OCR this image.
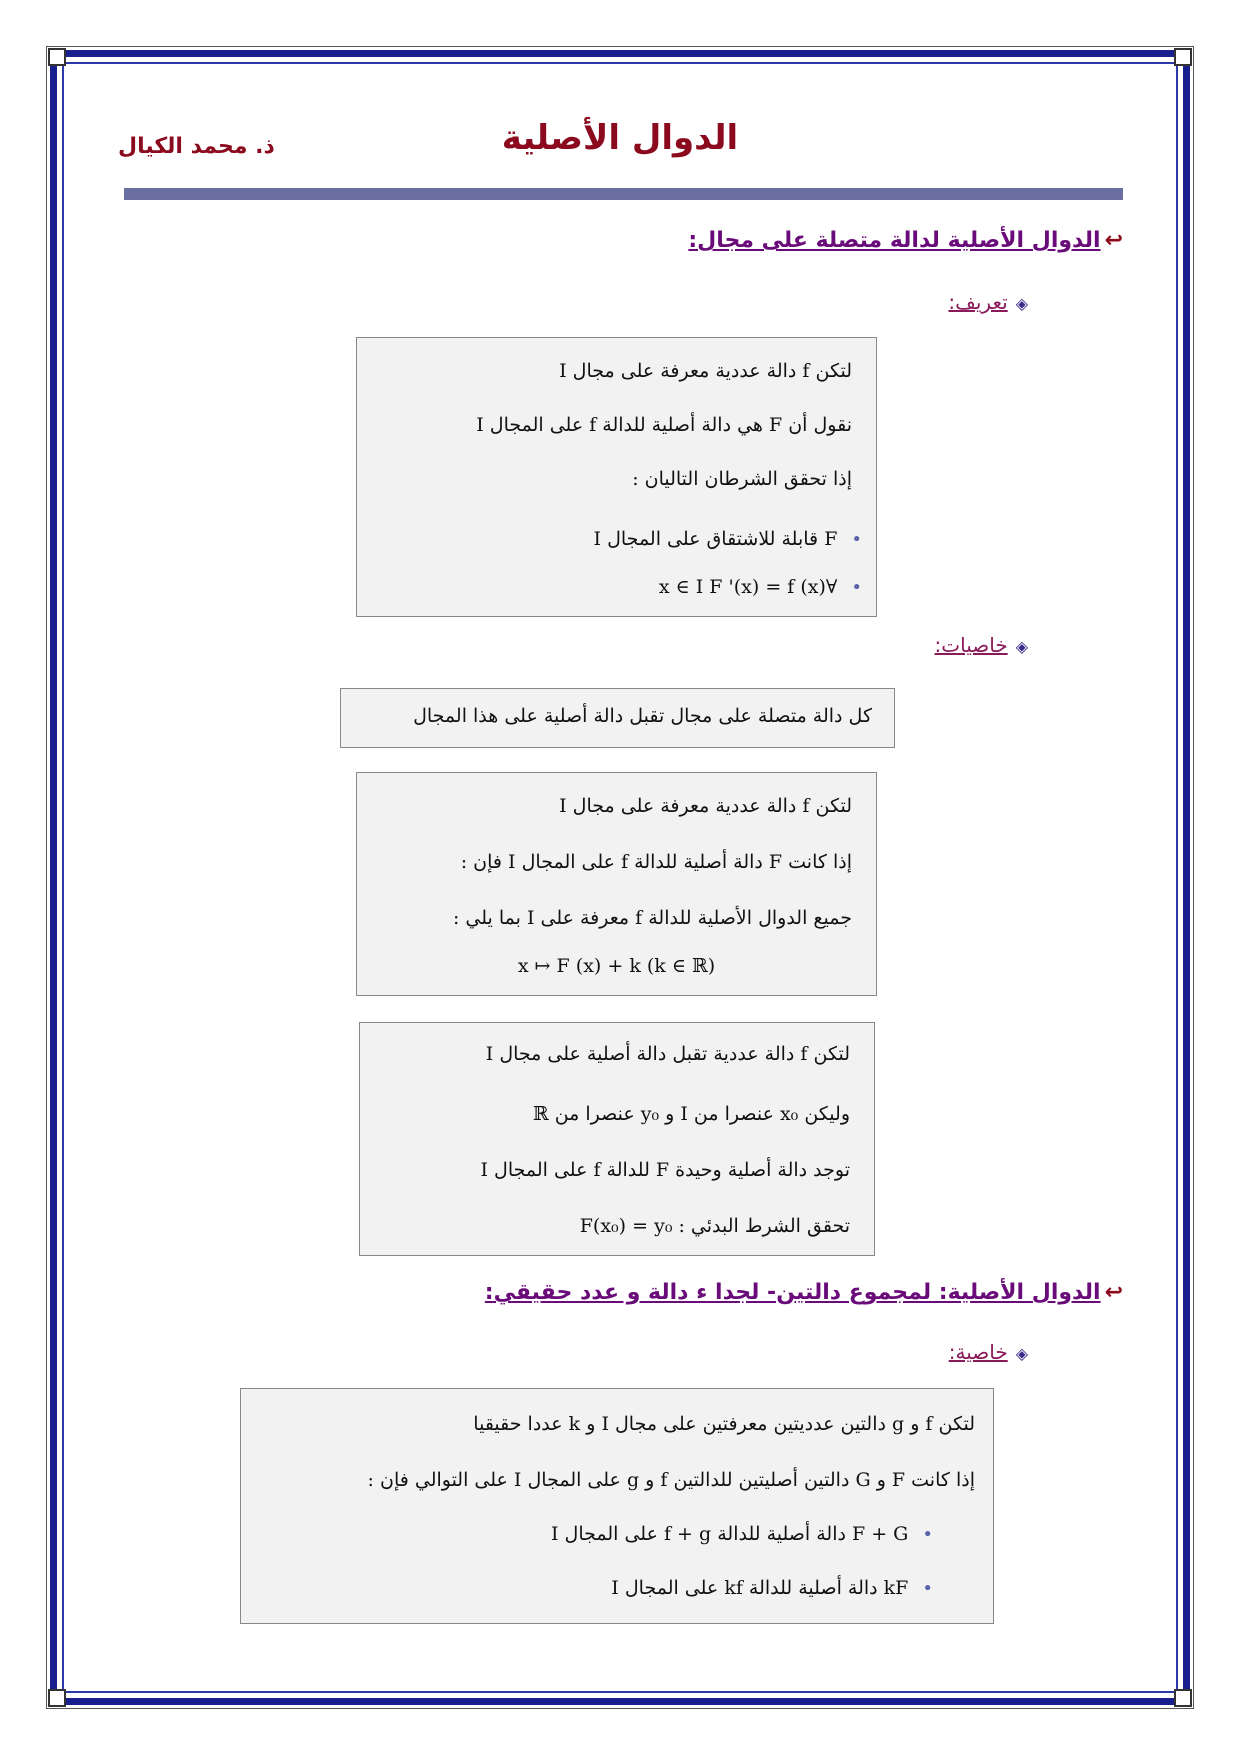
الدوال الأصلية
ذ. محمد الكيال
↩الدوال الأصلية لدالة متصلة على مجال:
◈تعريف:
لتكن f دالة عددية معرفة على مجال I
نقول أن F هي دالة أصلية للدالة f على المجال I
إذا تحقق الشرطان التاليان :
•F قابلة للاشتقاق على المجال I
•∀x ∈ I F '(x) = f (x)
◈خاصيات:
كل دالة متصلة على مجال تقبل دالة أصلية على هذا المجال
لتكن f دالة عددية معرفة على مجال I
إذا كانت F دالة أصلية للدالة f على المجال I فإن :
جميع الدوال الأصلية للدالة f معرفة على I بما يلي :
x ↦ F (x) + k (k ∈ ℝ)
لتكن f دالة عددية تقبل دالة أصلية على مجال I
وليكن x₀ عنصرا من I و y₀ عنصرا من ℝ
توجد دالة أصلية وحيدة F للدالة f على المجال I
تحقق الشرط البدئي : F(x₀) = y₀
↩الدوال الأصلية: لمجموع دالتين- لجدا ء دالة و عدد حقيقي:
◈خاصية:
لتكن f و g دالتين عدديتين معرفتين على مجال I و k عددا حقيقيا
إذا كانت F و G دالتين أصليتين للدالتين f و g على المجال I على التوالي فإن :
•F + G دالة أصلية للدالة f + g على المجال I
•kF دالة أصلية للدالة kf على المجال I
